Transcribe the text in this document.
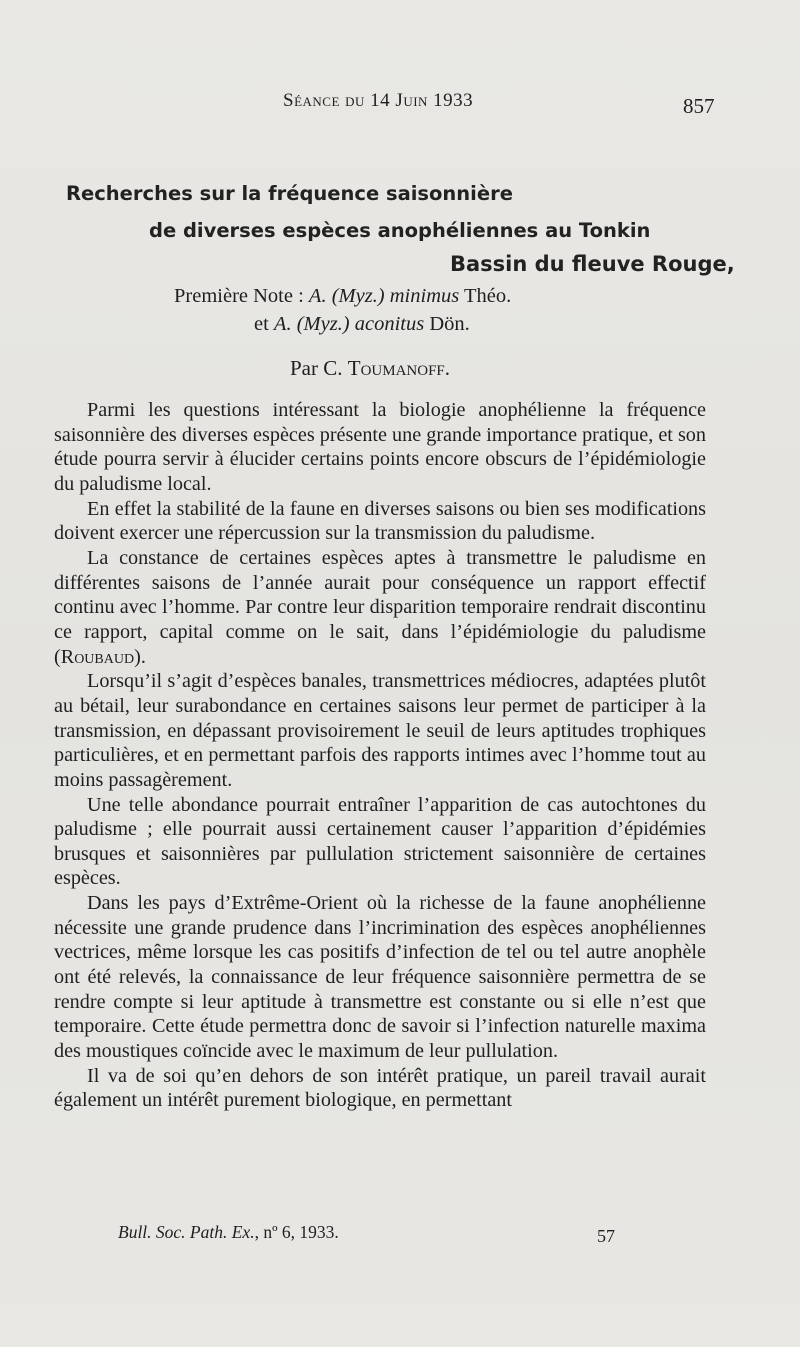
Séance du 14 Juin 1933	857
Recherches sur la fréquence saisonnière
de diverses espèces anophéliennes au Tonkin
Bassin du fleuve Rouge,
Première Note : A. (Myz.) minimus Théo.
et A. (Myz.) aconitus Dön.
Par C. Toumanoff.

Parmi les questions intéressant la biologie anophélienne la fréquence saisonnière des diverses espèces présente une grande importance pratique, et son étude pourra servir à élucider certains points encore obscurs de l’épidémiologie du paludisme local.

En effet la stabilité de la faune en diverses saisons ou bien ses modifications doivent exercer une répercussion sur la transmission du paludisme.

La constance de certaines espèces aptes à transmettre le paludisme en différentes saisons de l’année aurait pour conséquence un rapport effectif continu avec l’homme. Par contre leur disparition temporaire rendrait discontinu ce rapport, capital comme on le sait, dans l’épidémiologie du paludisme (Roubaud).

Lorsqu’il s’agit d’espèces banales, transmettrices médiocres, adaptées plutôt au bétail, leur surabondance en certaines saisons leur permet de participer à la transmission, en dépassant provisoirement le seuil de leurs aptitudes trophiques particulières, et en permettant parfois des rapports intimes avec l’homme tout au moins passagèrement.

Une telle abondance pourrait entraîner l’apparition de cas autochtones du paludisme ; elle pourrait aussi certainement causer l’apparition d’épidémies brusques et saisonnières par pullulation strictement saisonnière de certaines espèces.

Dans les pays d’Extrême-Orient où la richesse de la faune anophélienne nécessite une grande prudence dans l’incrimination des espèces anophéliennes vectrices, même lorsque les cas positifs d’infection de tel ou tel autre anophèle ont été relevés, la connaissance de leur fréquence saisonnière permettra de se rendre compte si leur aptitude à transmettre est constante ou si elle n’est que temporaire. Cette étude permettra donc de savoir si l’infection naturelle maxima des moustiques coïncide avec le maximum de leur pullulation.

Il va de soi qu’en dehors de son intérêt pratique, un pareil travail aurait également un intérêt purement biologique, en permettant

Bull. Soc. Path. Ex., nº 6, 1933.	57
